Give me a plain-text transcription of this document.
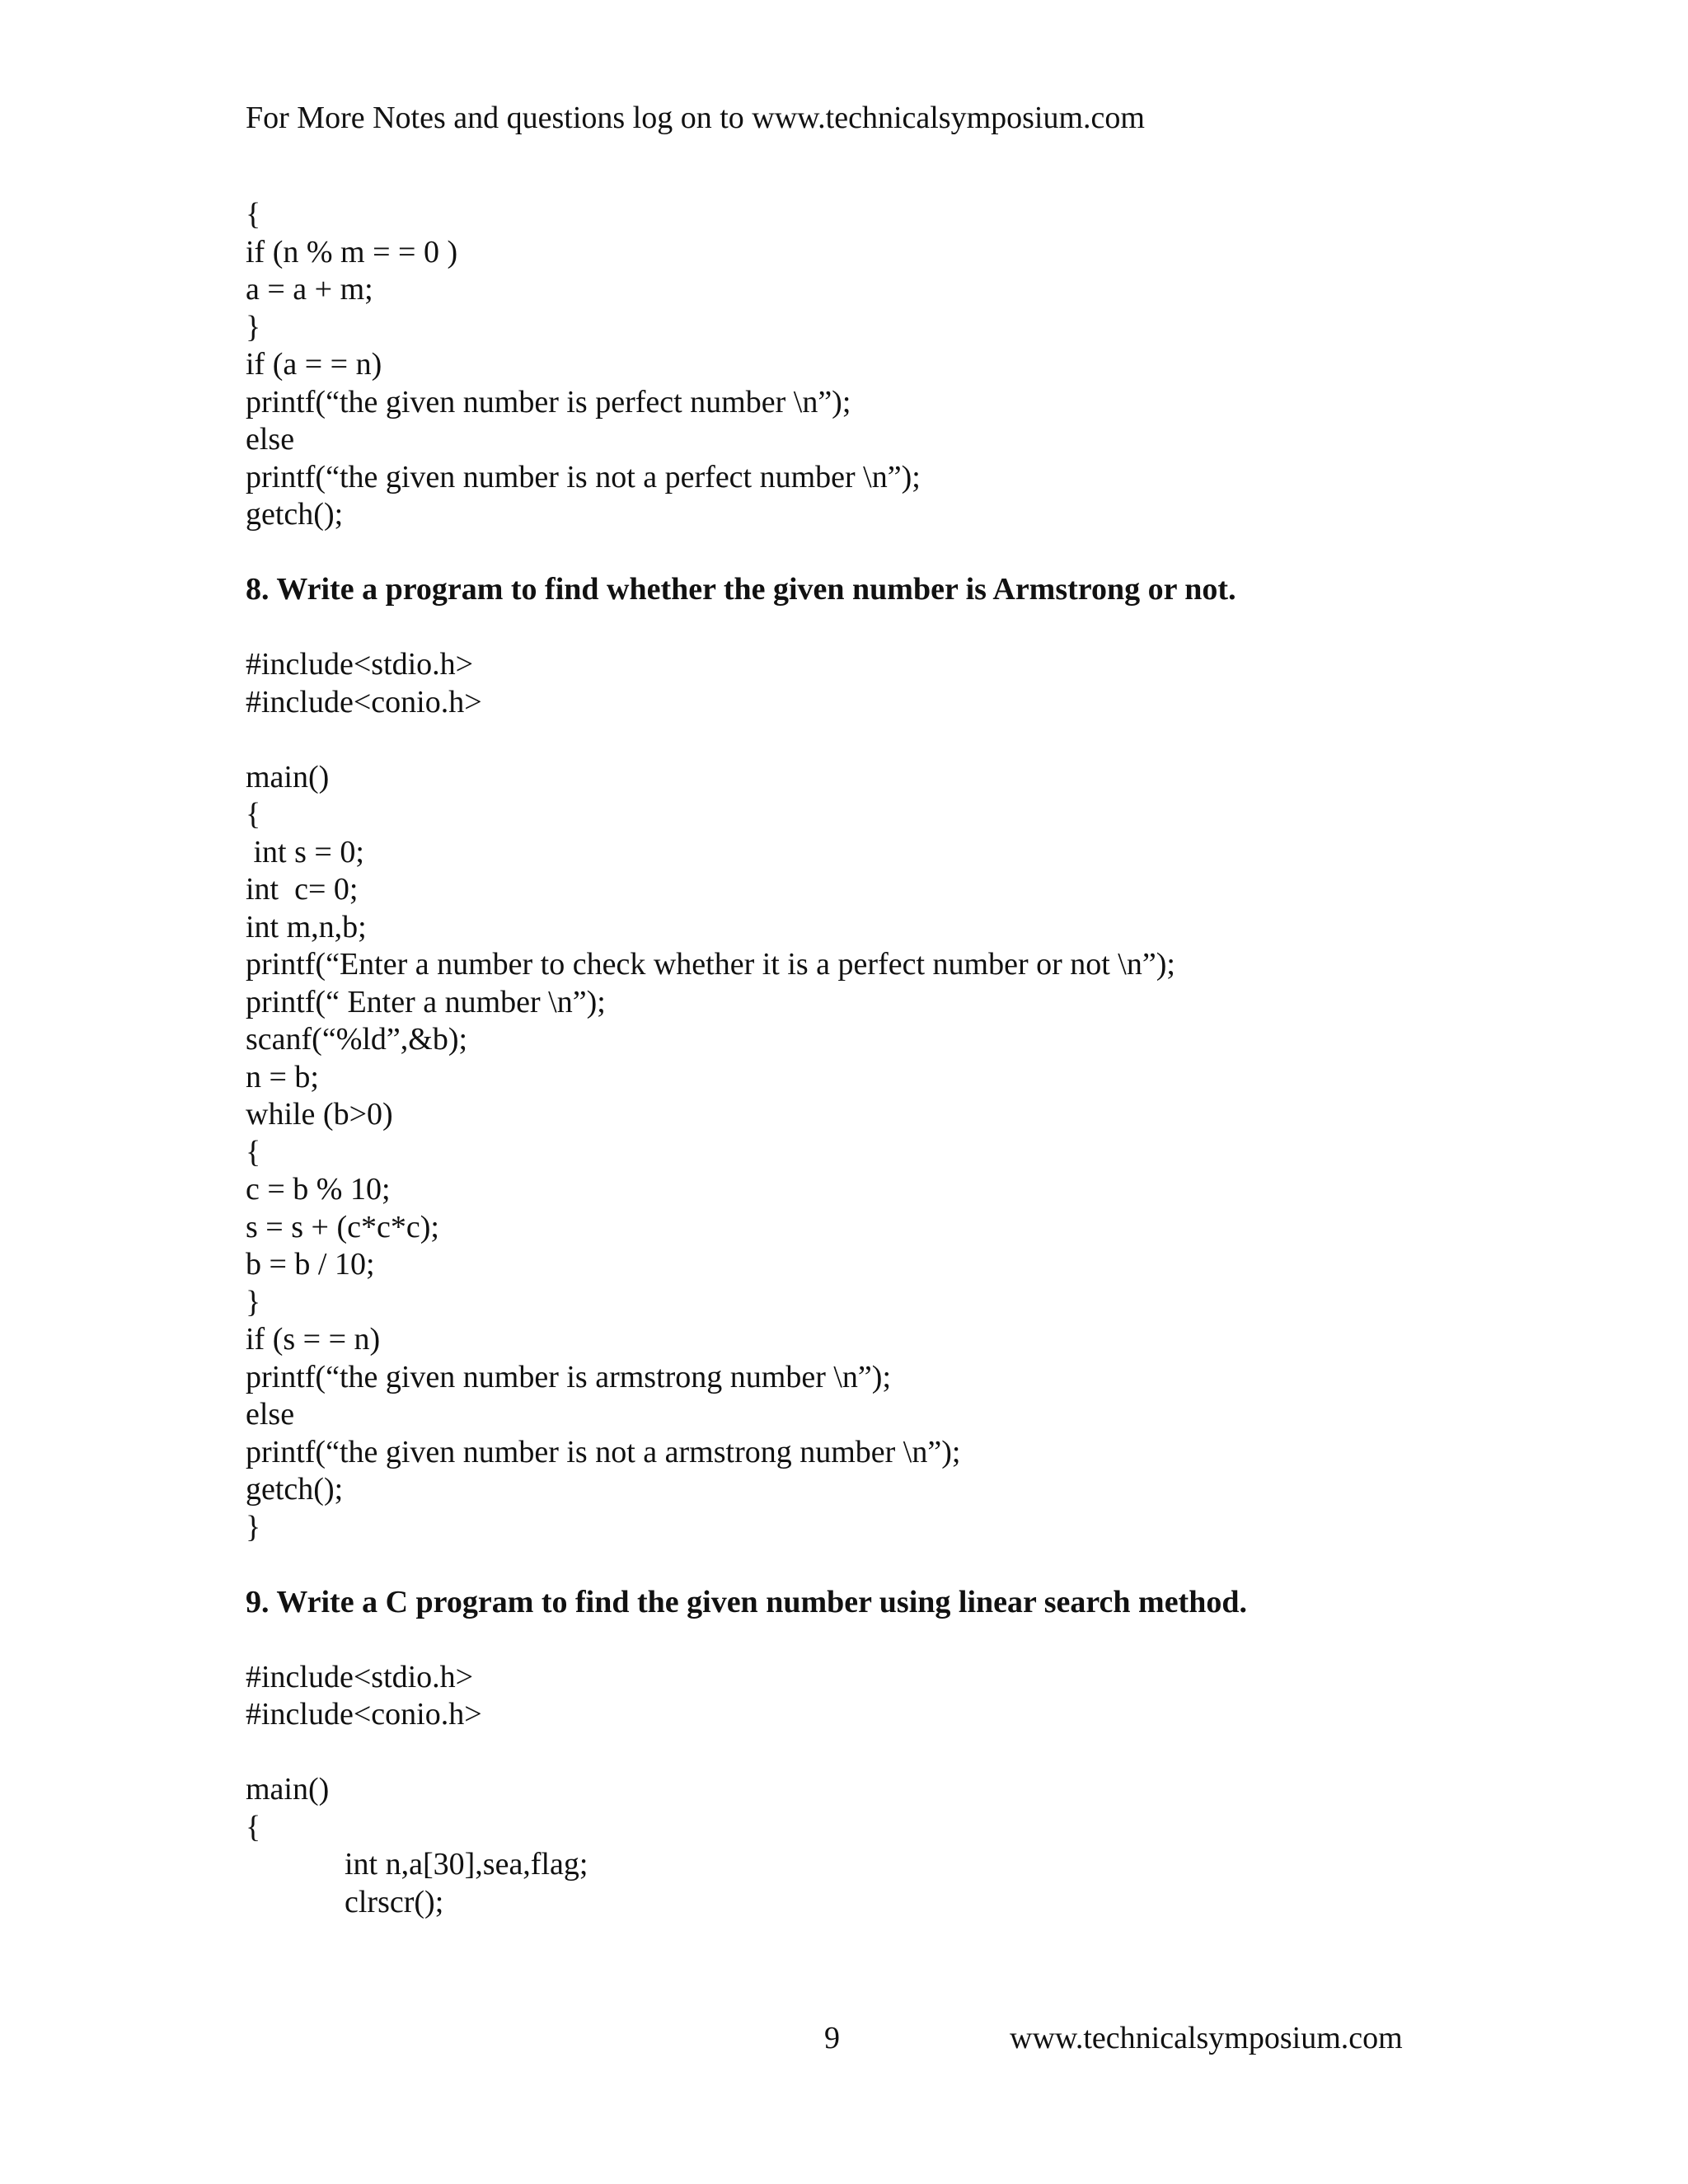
For More Notes and questions log on to www.technicalsymposium.com
{
if (n % m = = 0 )
a = a + m;
}
if (a = = n)
printf(“the given number is perfect number \n”);
else
printf(“the given number is not a perfect number \n”);
getch();
8. Write a program to find whether the given number is Armstrong or not.
#include<stdio.h>
#include<conio.h>
main()
{
int s = 0;
int  c= 0;
int m,n,b;
printf(“Enter a number to check whether it is a perfect number or not \n”);
printf(“ Enter a number \n”);
scanf(“%ld”,&b);
n = b;
while (b>0)
{
c = b % 10;
s = s + (c*c*c);
b = b / 10;
}
if (s = = n)
printf(“the given number is armstrong number \n”);
else
printf(“the given number is not a armstrong number \n”);
getch();
}
9. Write a C program to find the given number using linear search method.
#include<stdio.h>
#include<conio.h>
main()
{
int n,a[30],sea,flag;
clrscr();
9	www.technicalsymposium.com
